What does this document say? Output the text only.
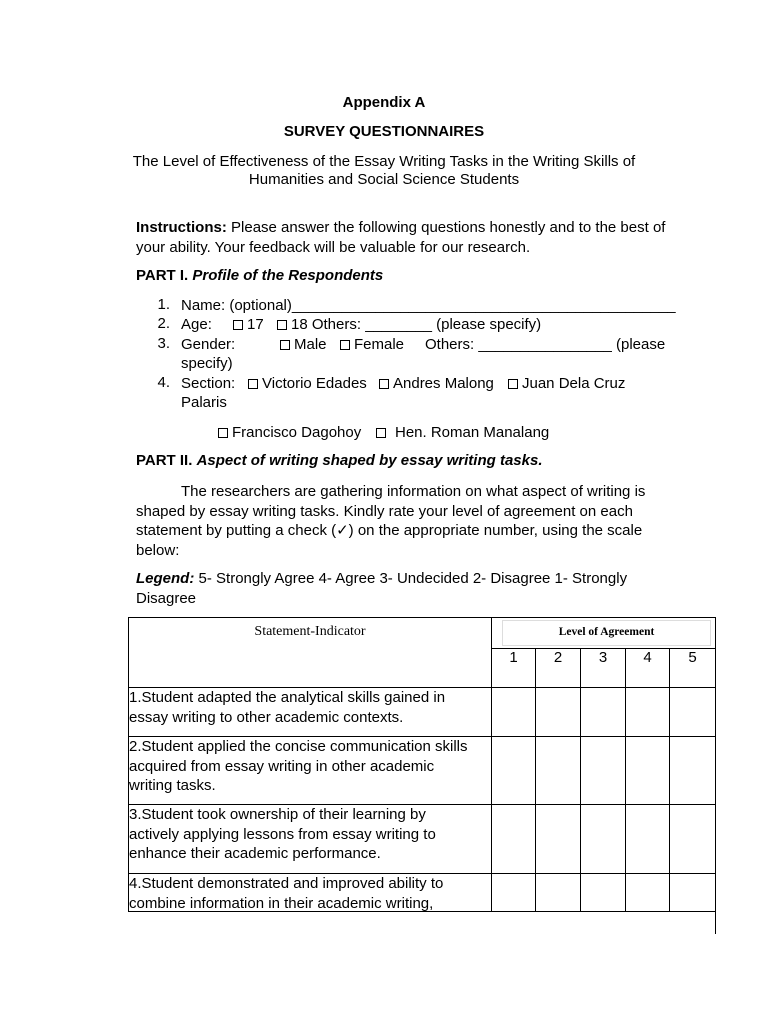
Appendix A
SURVEY QUESTIONNAIRES
The Level of Effectiveness of the Essay Writing Tasks in the Writing Skills of
Humanities and Social Science Students
Instructions: Please answer the following questions honestly and to the best of
your ability. Your feedback will be valuable for our research.
PART I. Profile of the Respondents
1. Name: (optional)______________________________________________
2. Age:	17	18 Others: ________ (please specify)
3. Gender:	Male	Female Others: ________________ (please
specify)
4. Section:	Victorio Edades	Andres Malong	Juan Dela Cruz
Palaris
Francisco Dagohoy	Hen. Roman Manalang
PART II. Aspect of writing shaped by essay writing tasks.
The researchers are gathering information on what aspect of writing is
shaped by essay writing tasks. Kindly rate your level of agreement on each
statement by putting a check (✓) on the appropriate number, using the scale
below:
Legend: 5- Strongly Agree 4- Agree 3- Undecided 2- Disagree 1- Strongly
Disagree
Statement-Indicator	Level of Agreement				

	1	2	3	4	5
1.Student adapted the analytical skills gained in
essay writing to other academic contexts.					
2.Student applied the concise communication skills
acquired from essay writing in other academic
writing tasks.					
3.Student took ownership of their learning by
actively applying lessons from essay writing to
enhance their academic performance.					
4.Student demonstrated and improved ability to
combine information in their academic writing,					
